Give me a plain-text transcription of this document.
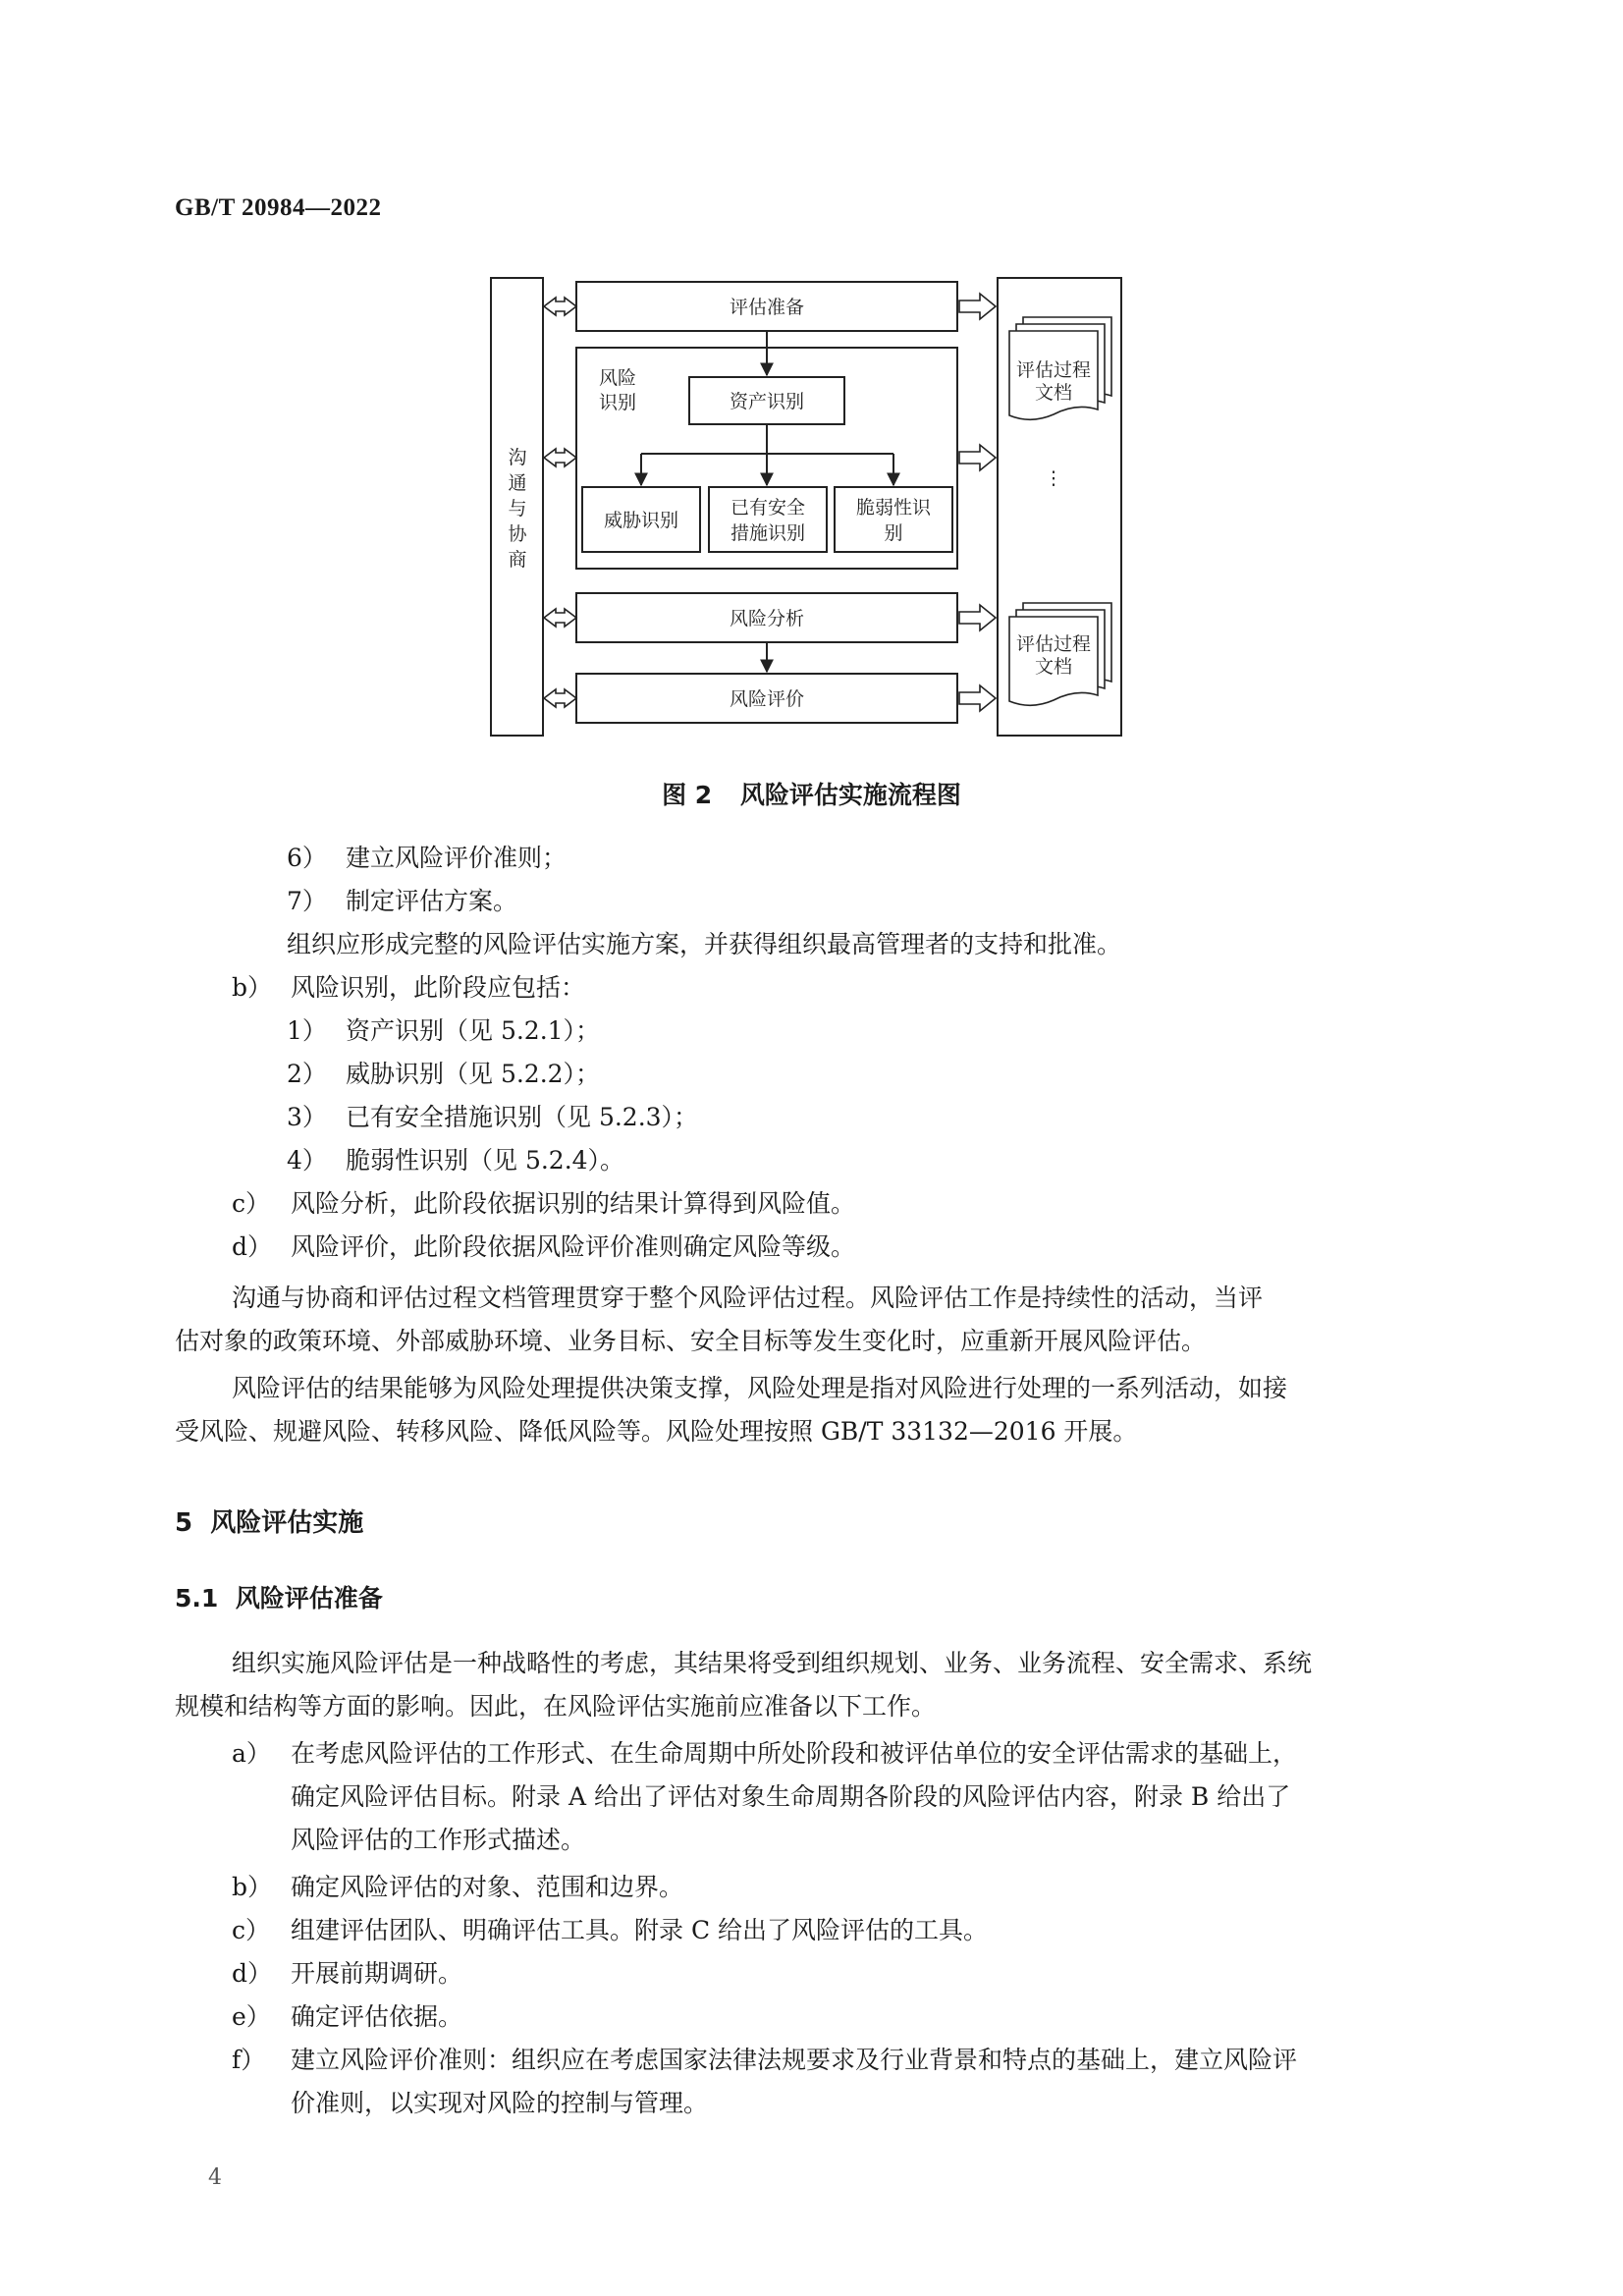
GB/T 20984—2022
沟
通
与
协
商
评估准备
风险
识别	资产识别
威胁识别
已有安全
措施识别
脆弱性识
别
风险分析
风险评价
评估过程
文档
⋮
评估过程
文档
图 2 风险评估实施流程图
6） 建立风险评价准则；
7） 制定评估方案。
组织应形成完整的风险评估实施方案，并获得组织最高管理者的支持和批准。
b） 风险识别，此阶段应包括：
1） 资产识别（见 5.2.1）；
2） 威胁识别（见 5.2.2）；
3） 已有安全措施识别（见 5.2.3）；
4） 脆弱性识别（见 5.2.4）。
c） 风险分析，此阶段依据识别的结果计算得到风险值。
d） 风险评价，此阶段依据风险评价准则确定风险等级。
沟通与协商和评估过程文档管理贯穿于整个风险评估过程。风险评估工作是持续性的活动，当评
估对象的政策环境、外部威胁环境、业务目标、安全目标等发生变化时，应重新开展风险评估。
风险评估的结果能够为风险处理提供决策支撑，风险处理是指对风险进行处理的一系列活动，如接
受风险、规避风险、转移风险、降低风险等。风险处理按照 GB/T 33132—2016 开展。
5  风险评估实施
5.1  风险评估准备
组织实施风险评估是一种战略性的考虑，其结果将受到组织规划、业务、业务流程、安全需求、系统
规模和结构等方面的影响。因此，在风险评估实施前应准备以下工作。
a） 在考虑风险评估的工作形式、在生命周期中所处阶段和被评估单位的安全评估需求的基础上，
确定风险评估目标。附录 A 给出了评估对象生命周期各阶段的风险评估内容，附录 B 给出了
风险评估的工作形式描述。
b） 确定风险评估的对象、范围和边界。
c） 组建评估团队、明确评估工具。附录 C 给出了风险评估的工具。
d） 开展前期调研。
e） 确定评估依据。
f） 建立风险评价准则：组织应在考虑国家法律法规要求及行业背景和特点的基础上，建立风险评
价准则，以实现对风险的控制与管理。
4
